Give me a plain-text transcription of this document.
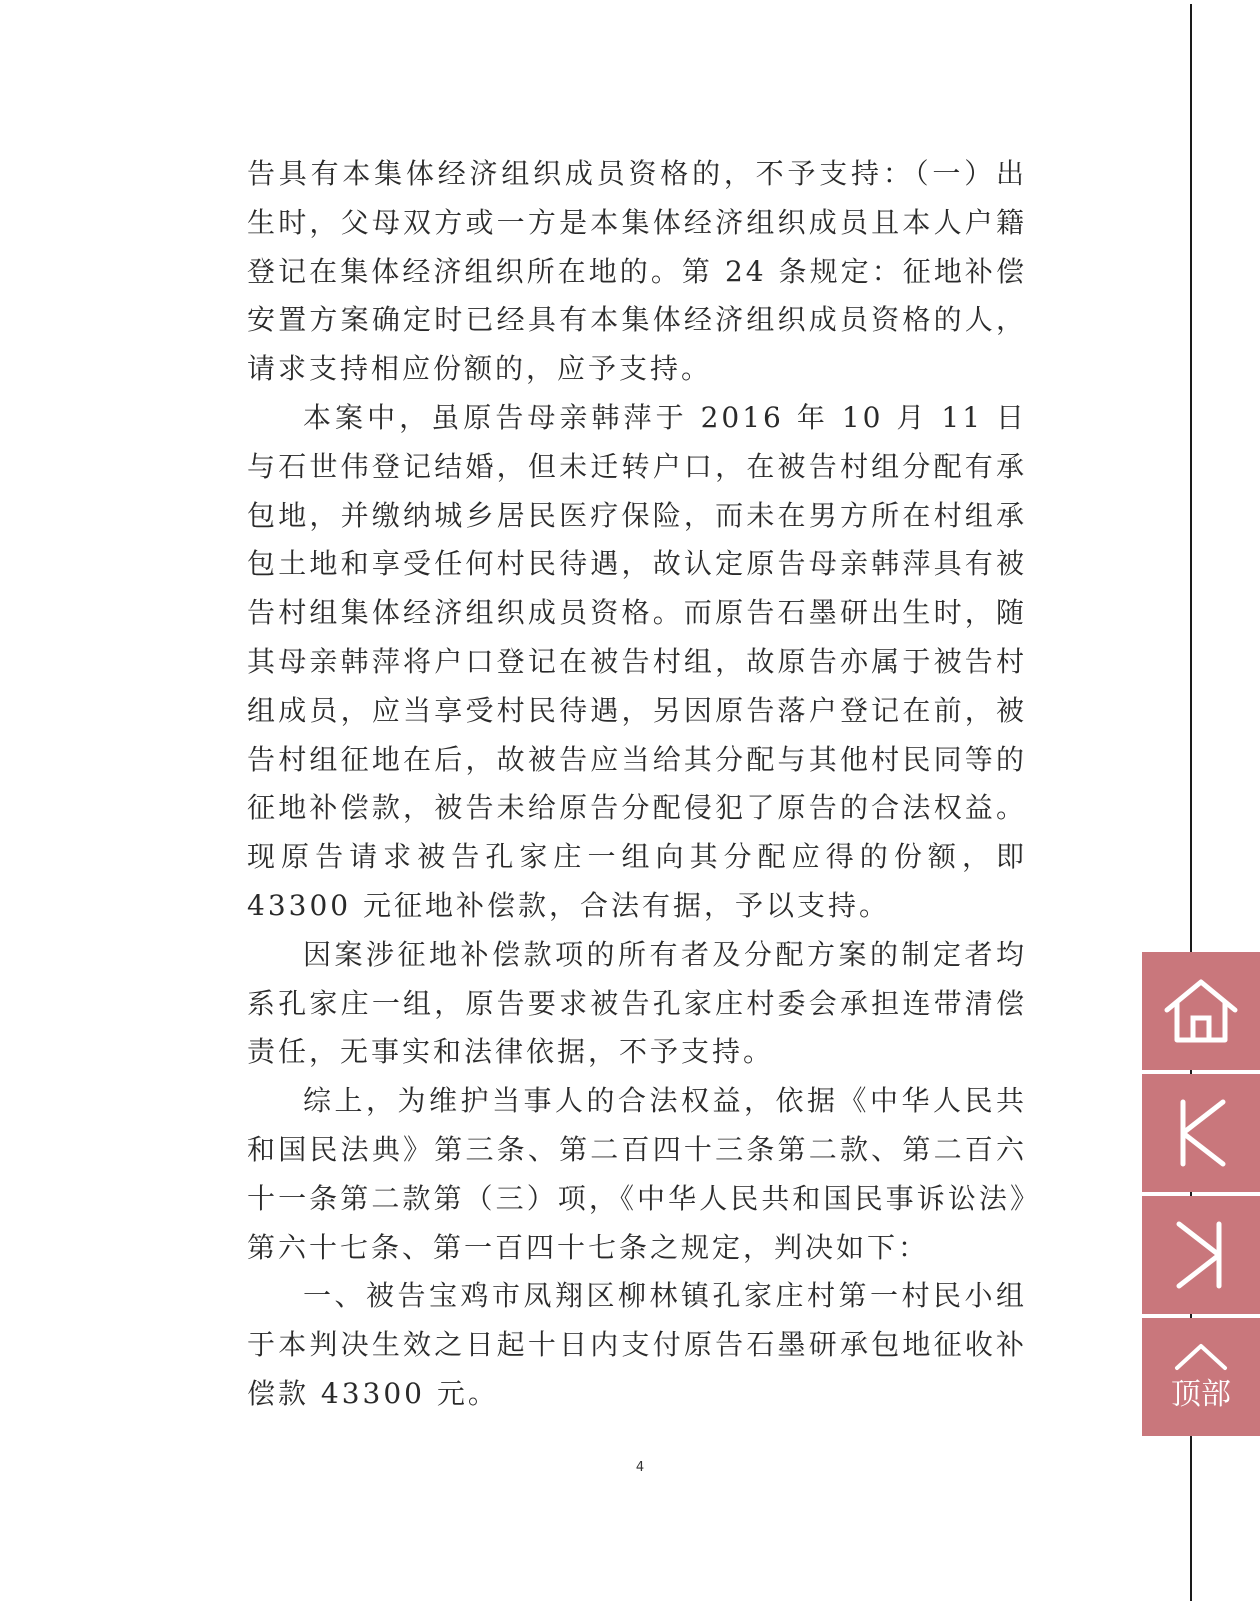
告具有本集体经济组织成员资格的，不予支持：（一）出生时，父母双方或一方是本集体经济组织成员且本人户籍登记在集体经济组织所在地的。第 24 条规定：征地补偿安置方案确定时已经具有本集体经济组织成员资格的人，请求支持相应份额的，应予支持。

本案中，虽原告母亲韩萍于 2016 年 10 月 11 日与石世伟登记结婚，但未迁转户口，在被告村组分配有承包地，并缴纳城乡居民医疗保险，而未在男方所在村组承包土地和享受任何村民待遇，故认定原告母亲韩萍具有被告村组集体经济组织成员资格。而原告石墨研出生时，随其母亲韩萍将户口登记在被告村组，故原告亦属于被告村组成员，应当享受村民待遇，另因原告落户登记在前，被告村组征地在后，故被告应当给其分配与其他村民同等的征地补偿款，被告未给原告分配侵犯了原告的合法权益。现原告请求被告孔家庄一组向其分配应得的份额，即 43300 元征地补偿款，合法有据，予以支持。

因案涉征地补偿款项的所有者及分配方案的制定者均系孔家庄一组，原告要求被告孔家庄村委会承担连带清偿责任，无事实和法律依据，不予支持。

综上，为维护当事人的合法权益，依据《中华人民共和国民法典》第三条、第二百四十三条第二款、第二百六十一条第二款第（三）项，《中华人民共和国民事诉讼法》第六十七条、第一百四十七条之规定，判决如下：

一、被告宝鸡市凤翔区柳林镇孔家庄村第一村民小组于本判决生效之日起十日内支付原告石墨研承包地征收补偿款 43300 元。

4
顶部
